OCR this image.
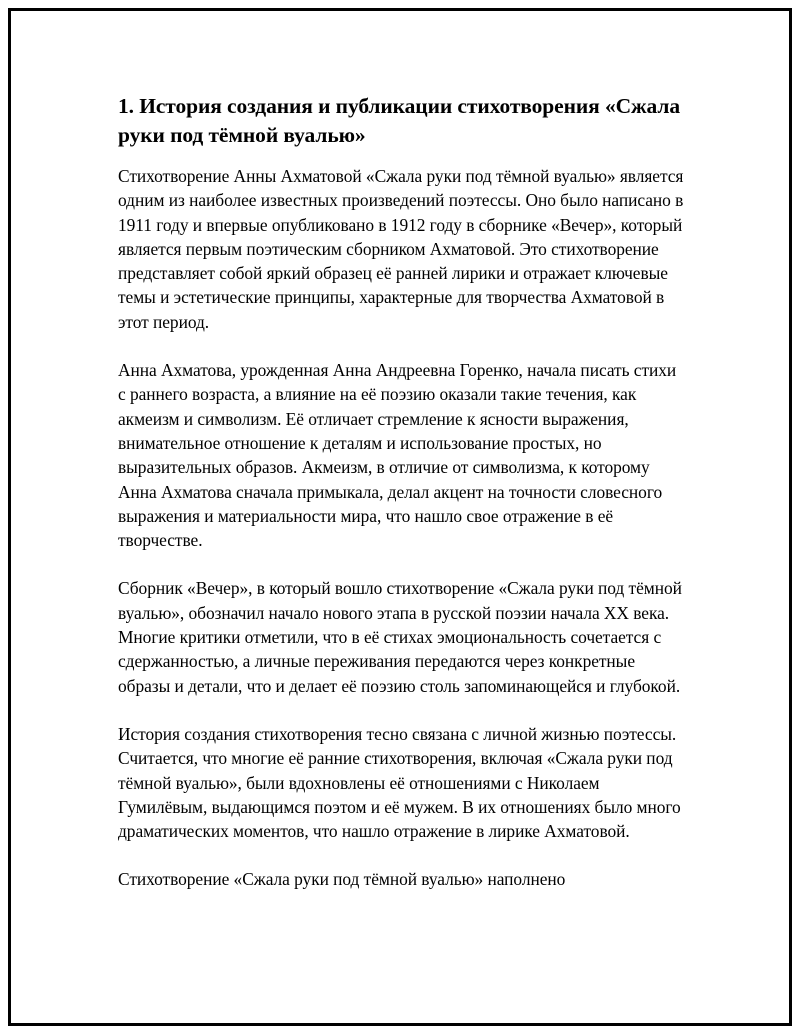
1. История создания и публикации стихотворения «Сжала руки под тёмной вуалью»

Стихотворение Анны Ахматовой «Сжала руки под тёмной вуалью» является одним из наиболее известных произведений поэтессы. Оно было написано в 1911 году и впервые опубликовано в 1912 году в сборнике «Вечер», который является первым поэтическим сборником Ахматовой. Это стихотворение представляет собой яркий образец её ранней лирики и отражает ключевые темы и эстетические принципы, характерные для творчества Ахматовой в этот период.

Анна Ахматова, урожденная Анна Андреевна Горенко, начала писать стихи с раннего возраста, а влияние на её поэзию оказали такие течения, как акмеизм и символизм. Её отличает стремление к ясности выражения, внимательное отношение к деталям и использование простых, но выразительных образов. Акмеизм, в отличие от символизма, к которому Анна Ахматова сначала примыкала, делал акцент на точности словесного выражения и материальности мира, что нашло свое отражение в её творчестве.

Сборник «Вечер», в который вошло стихотворение «Сжала руки под тёмной вуалью», обозначил начало нового этапа в русской поэзии начала XX века. Многие критики отметили, что в её стихах эмоциональность сочетается с сдержанностью, а личные переживания передаются через конкретные образы и детали, что и делает её поэзию столь запоминающейся и глубокой.

История создания стихотворения тесно связана с личной жизнью поэтессы. Считается, что многие её ранние стихотворения, включая «Сжала руки под тёмной вуалью», были вдохновлены её отношениями с Николаем Гумилёвым, выдающимся поэтом и её мужем. В их отношениях было много драматических моментов, что нашло отражение в лирике Ахматовой.

Стихотворение «Сжала руки под тёмной вуалью» наполнено
